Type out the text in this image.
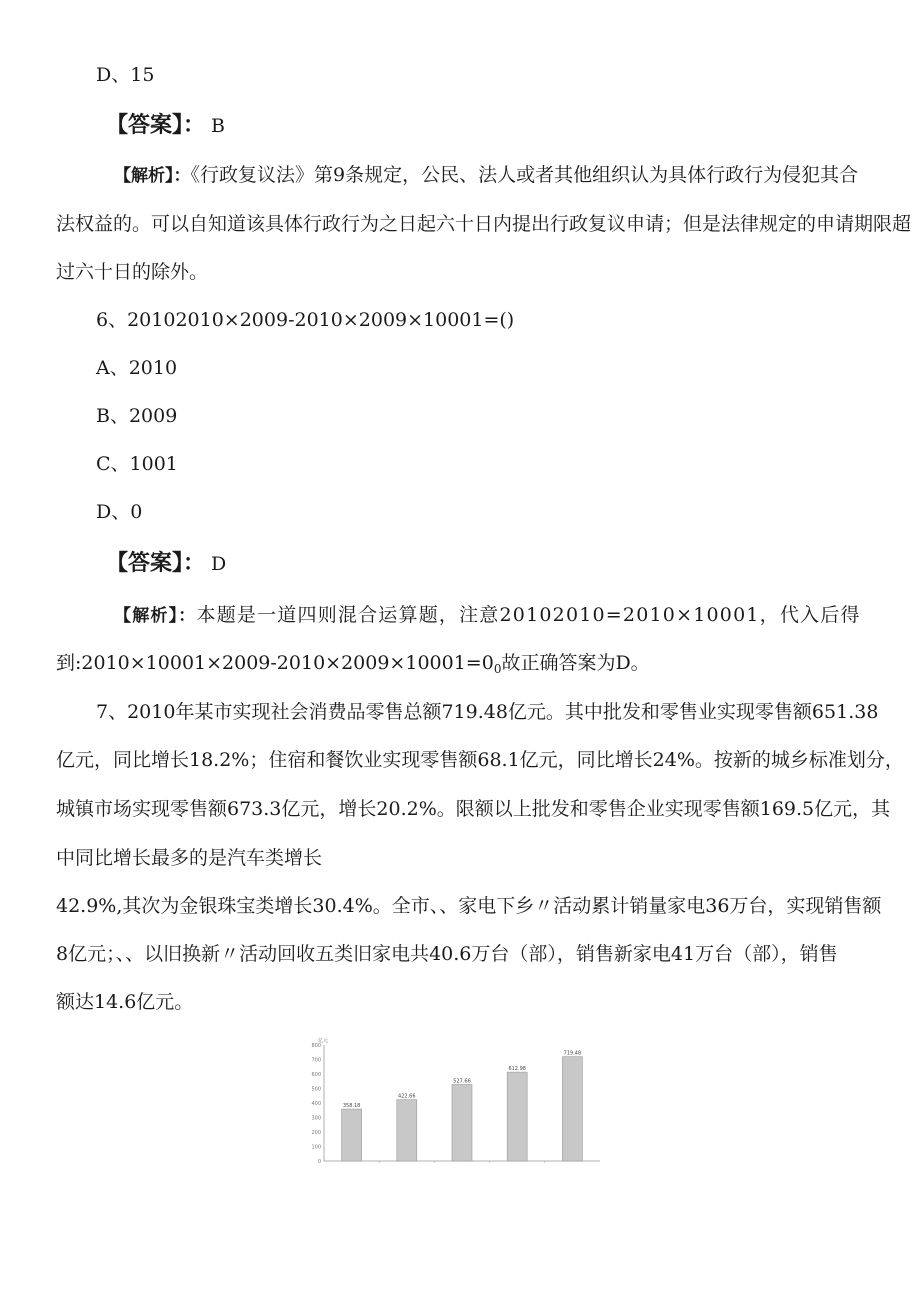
D、15
【答案】： B
【解析】：《行政复议法》第9条规定，公民、法人或者其他组织认为具体行政行为侵犯其合
法权益的。可以自知道该具体行政行为之日起六十日内提出行政复议申请；但是法律规定的申请期限超
过六十日的除外。
6、20102010×2009-2010×2009×10001=()
A、2010
B、2009
C、1001
D、0
【答案】： D
【解析】：本题是一道四则混合运算题，注意20102010=2010×10001，代入后得
到$:2010\times 10001\times 2009-2010\times 2009\times 10001=0_0$故正确答案为D。
7、2010年某市实现社会消费品零售总额719.48亿元。其中批发和零售业实现零售额651.38
亿元，同比增长18.2%；住宿和餐饮业实现零售额68.1亿元，同比增长24%。按新的城乡标准划分，
城镇市场实现零售额673.3亿元，增长20.2%。限额以上批发和零售企业实现零售额169.5亿元，其
中同比增长最多的是汽车类增长
42.9%,其次为金银珠宝类增长30.4%。全市、、家电下乡〃活动累计销量家电36万台，实现销售额
8亿元；、、以旧换新〃活动回收五类旧家电共40.6万台（部），销售新家电41万台（部），销售
额达14.6亿元。
亿元
0
100
200
300
400
500
600
700
800
358.18
422.66
527.66
612.98
719.48
